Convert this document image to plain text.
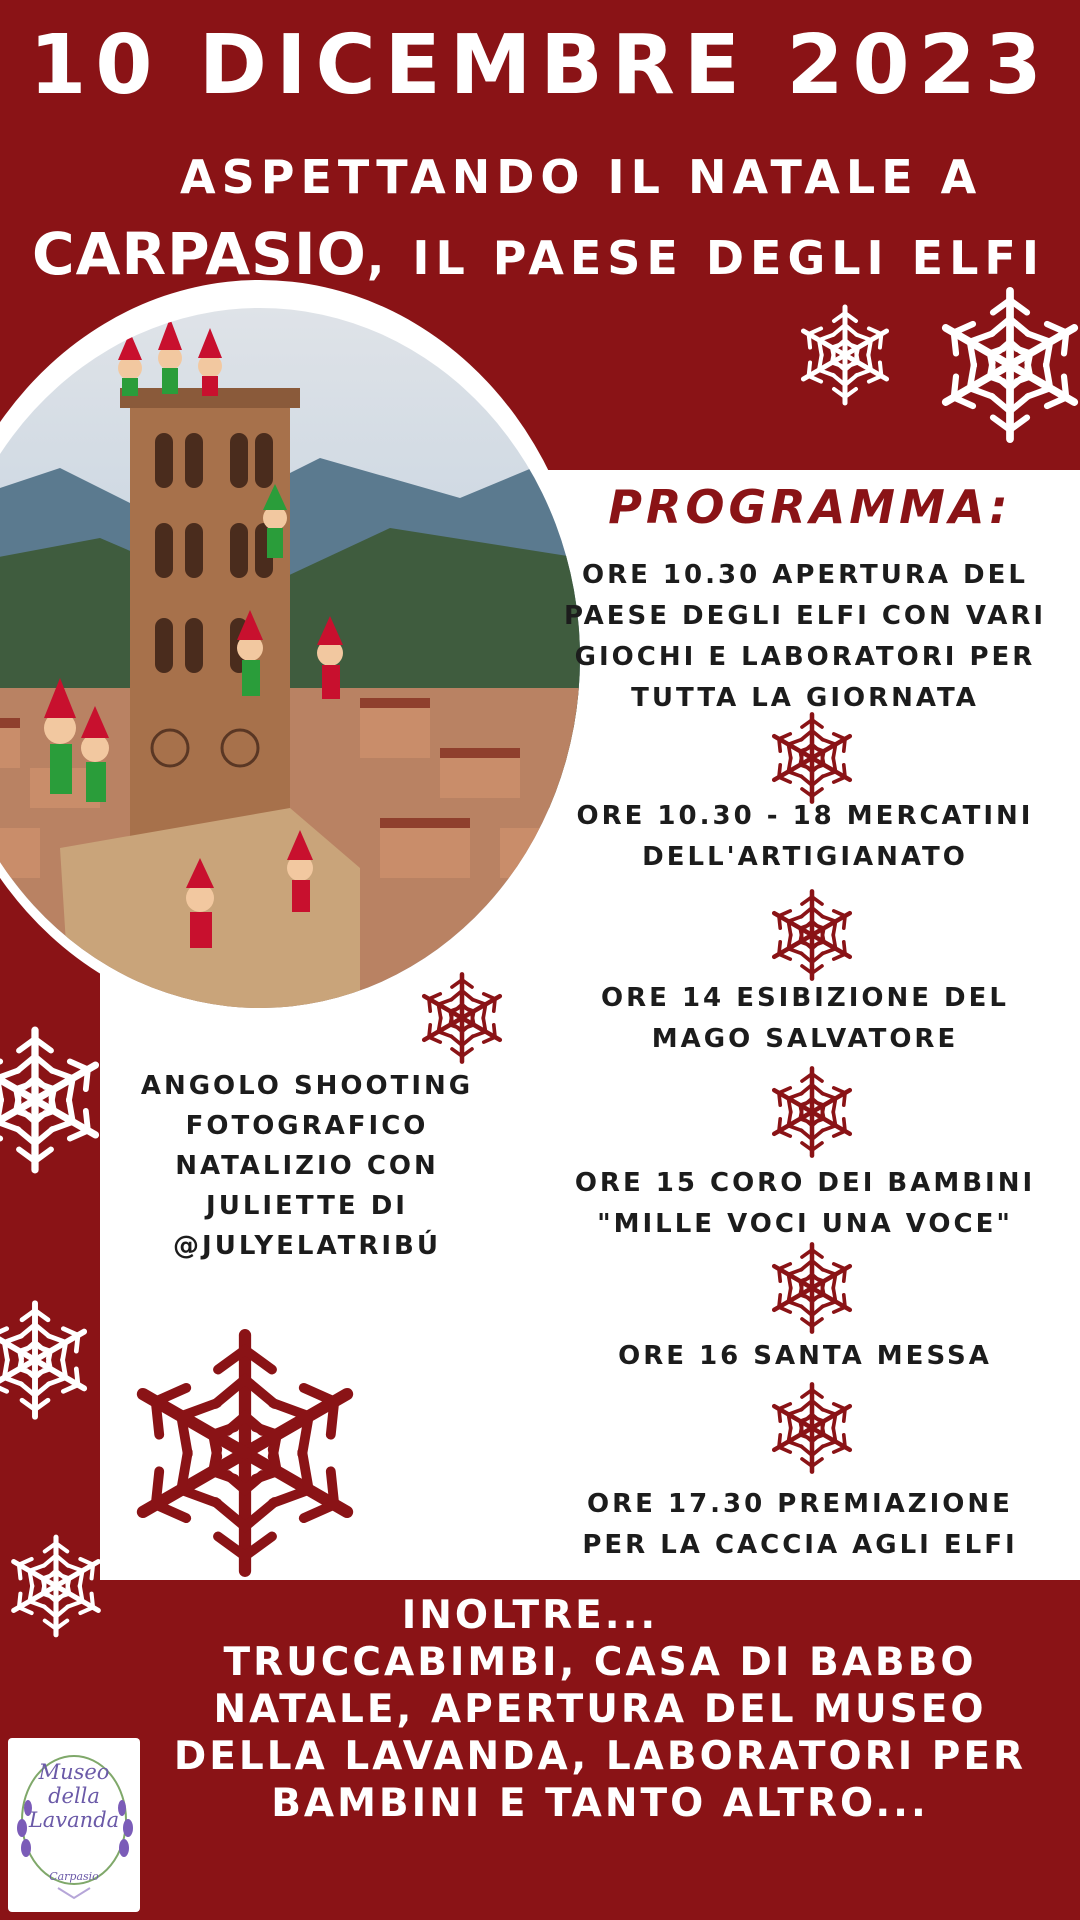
10 DICEMBRE 2023
ASPETTANDO IL NATALE A
CARPASIO, IL PAESE DEGLI ELFI
PROGRAMMA:
ORE 10.30 APERTURA DEL PAESE DEGLI ELFI CON VARI GIOCHI E LABORATORI PER TUTTA LA GIORNATA
ORE 10.30 - 18 MERCATINI DELL'ARTIGIANATO
ORE 14 ESIBIZIONE DEL MAGO SALVATORE
ORE 15 CORO DEI BAMBINI "MILLE VOCI UNA VOCE"
ORE 16 SANTA MESSA
ORE 17.30 PREMIAZIONE PER LA CACCIA AGLI ELFI
ANGOLO SHOOTING FOTOGRAFICO NATALIZIO CON JULIETTE DI @JULYELATRIBÚ
INOLTRE...
TRUCCABIMBI, CASA DI BABBO NATALE, APERTURA DEL MUSEO DELLA LAVANDA, LABORATORI PER BAMBINI E TANTO ALTRO...
Museo
della
Lavanda
Carpasio
